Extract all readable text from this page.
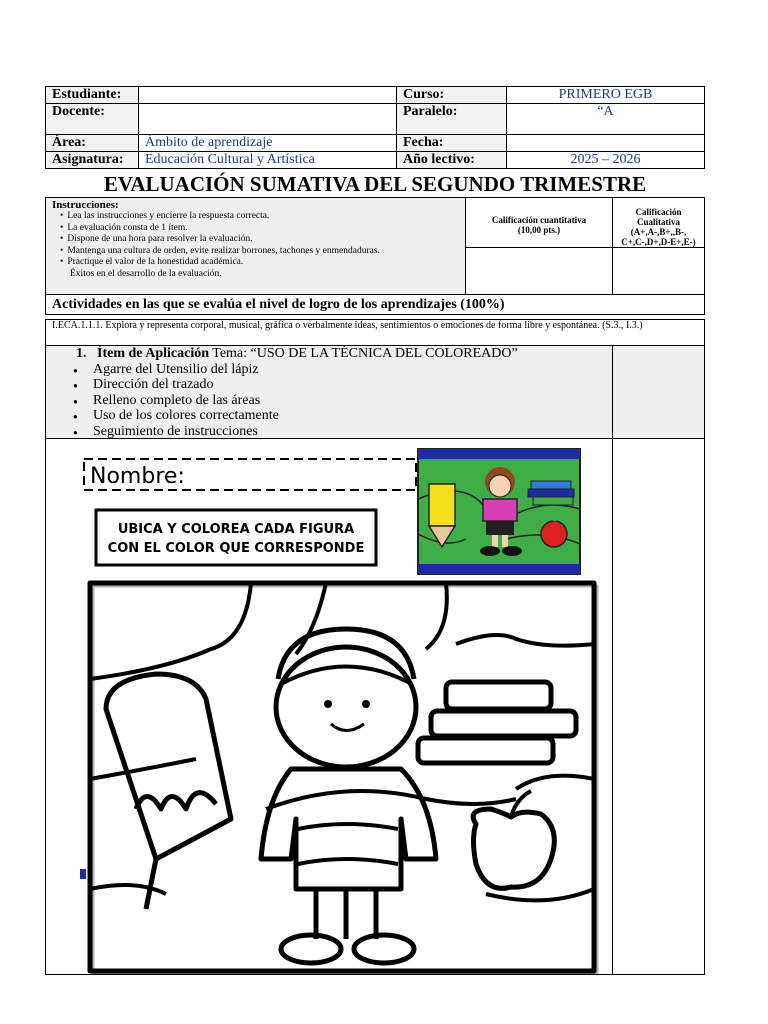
Estudiante:		Curso:	PRIMERO EGB
Docente:		Paralelo:	“A
Área:	Ámbito de aprendizaje	Fecha:	
Asignatura:	Educación Cultural y Artística	Año lectivo:	2025 – 2026
EVALUACIÓN SUMATIVA DEL SEGUNDO TRIMESTRE
Instrucciones:
• Lea las instrucciones y encierre la respuesta correcta.
• La evaluación consta de 1 ítem.
• Dispone de una hora para resolver la evaluación.
• Mantenga una cultura de orden, evite realizar borrones, tachones y enmendaduras.
• Practique el valor de la honestidad académica.
Éxitos en el desarrollo de la evaluación.
Calificación cuantitativa
(10,00 pts.)
Calificación Cualitativa
(A+,A-,B+,,B-, C+,C-,D+,D-E+,E-)
Actividades en las que se evalúa el nivel de logro de los aprendizajes (100%)
I.ECA.1.1.1. Explora y representa corporal, musical, gráfica o verbalmente ideas, sentimientos o emociones de forma libre y espontánea. (S.3., I.3.)
1. Ítem de Aplicación Tema: “USO DE LA TÉCNICA DEL COLOREADO”
● Agarre del Utensilio del lápiz
● Dirección del trazado
● Relleno completo de las áreas
● Uso de los colores correctamente
● Seguimiento de instrucciones
Nombre:
UBICA Y COLOREA CADA FIGURA
CON EL COLOR QUE CORRESPONDE
